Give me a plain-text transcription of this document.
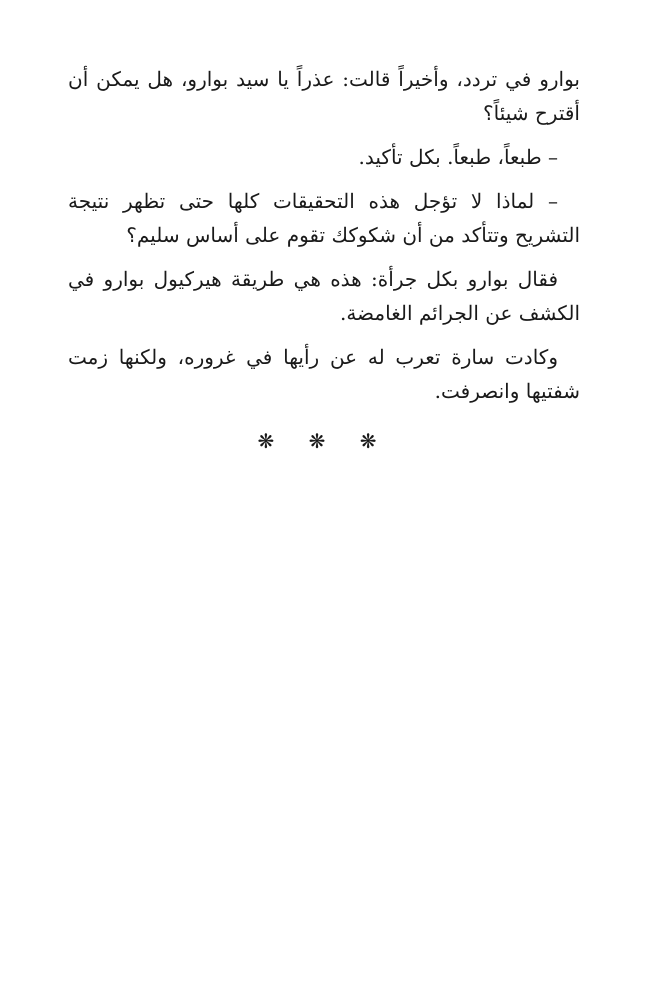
بوارو في تردد، وأخيراً قالت: عذراً يا سيد بوارو، هل يمكن أن أقترح شيئاً؟

– طبعاً، طبعاً. بكل تأكيد.

– لماذا لا تؤجل هذه التحقيقات كلها حتى تظهر نتيجة التشريح وتتأكد من أن شكوكك تقوم على أساس سليم؟

فقال بوارو بكل جرأة: هذه هي طريقة هيركيول بوارو في الكشف عن الجرائم الغامضة.

وكادت سارة تعرب له عن رأيها في غروره، ولكنها زمت شفتيها وانصرفت.

❋ ❋ ❋
